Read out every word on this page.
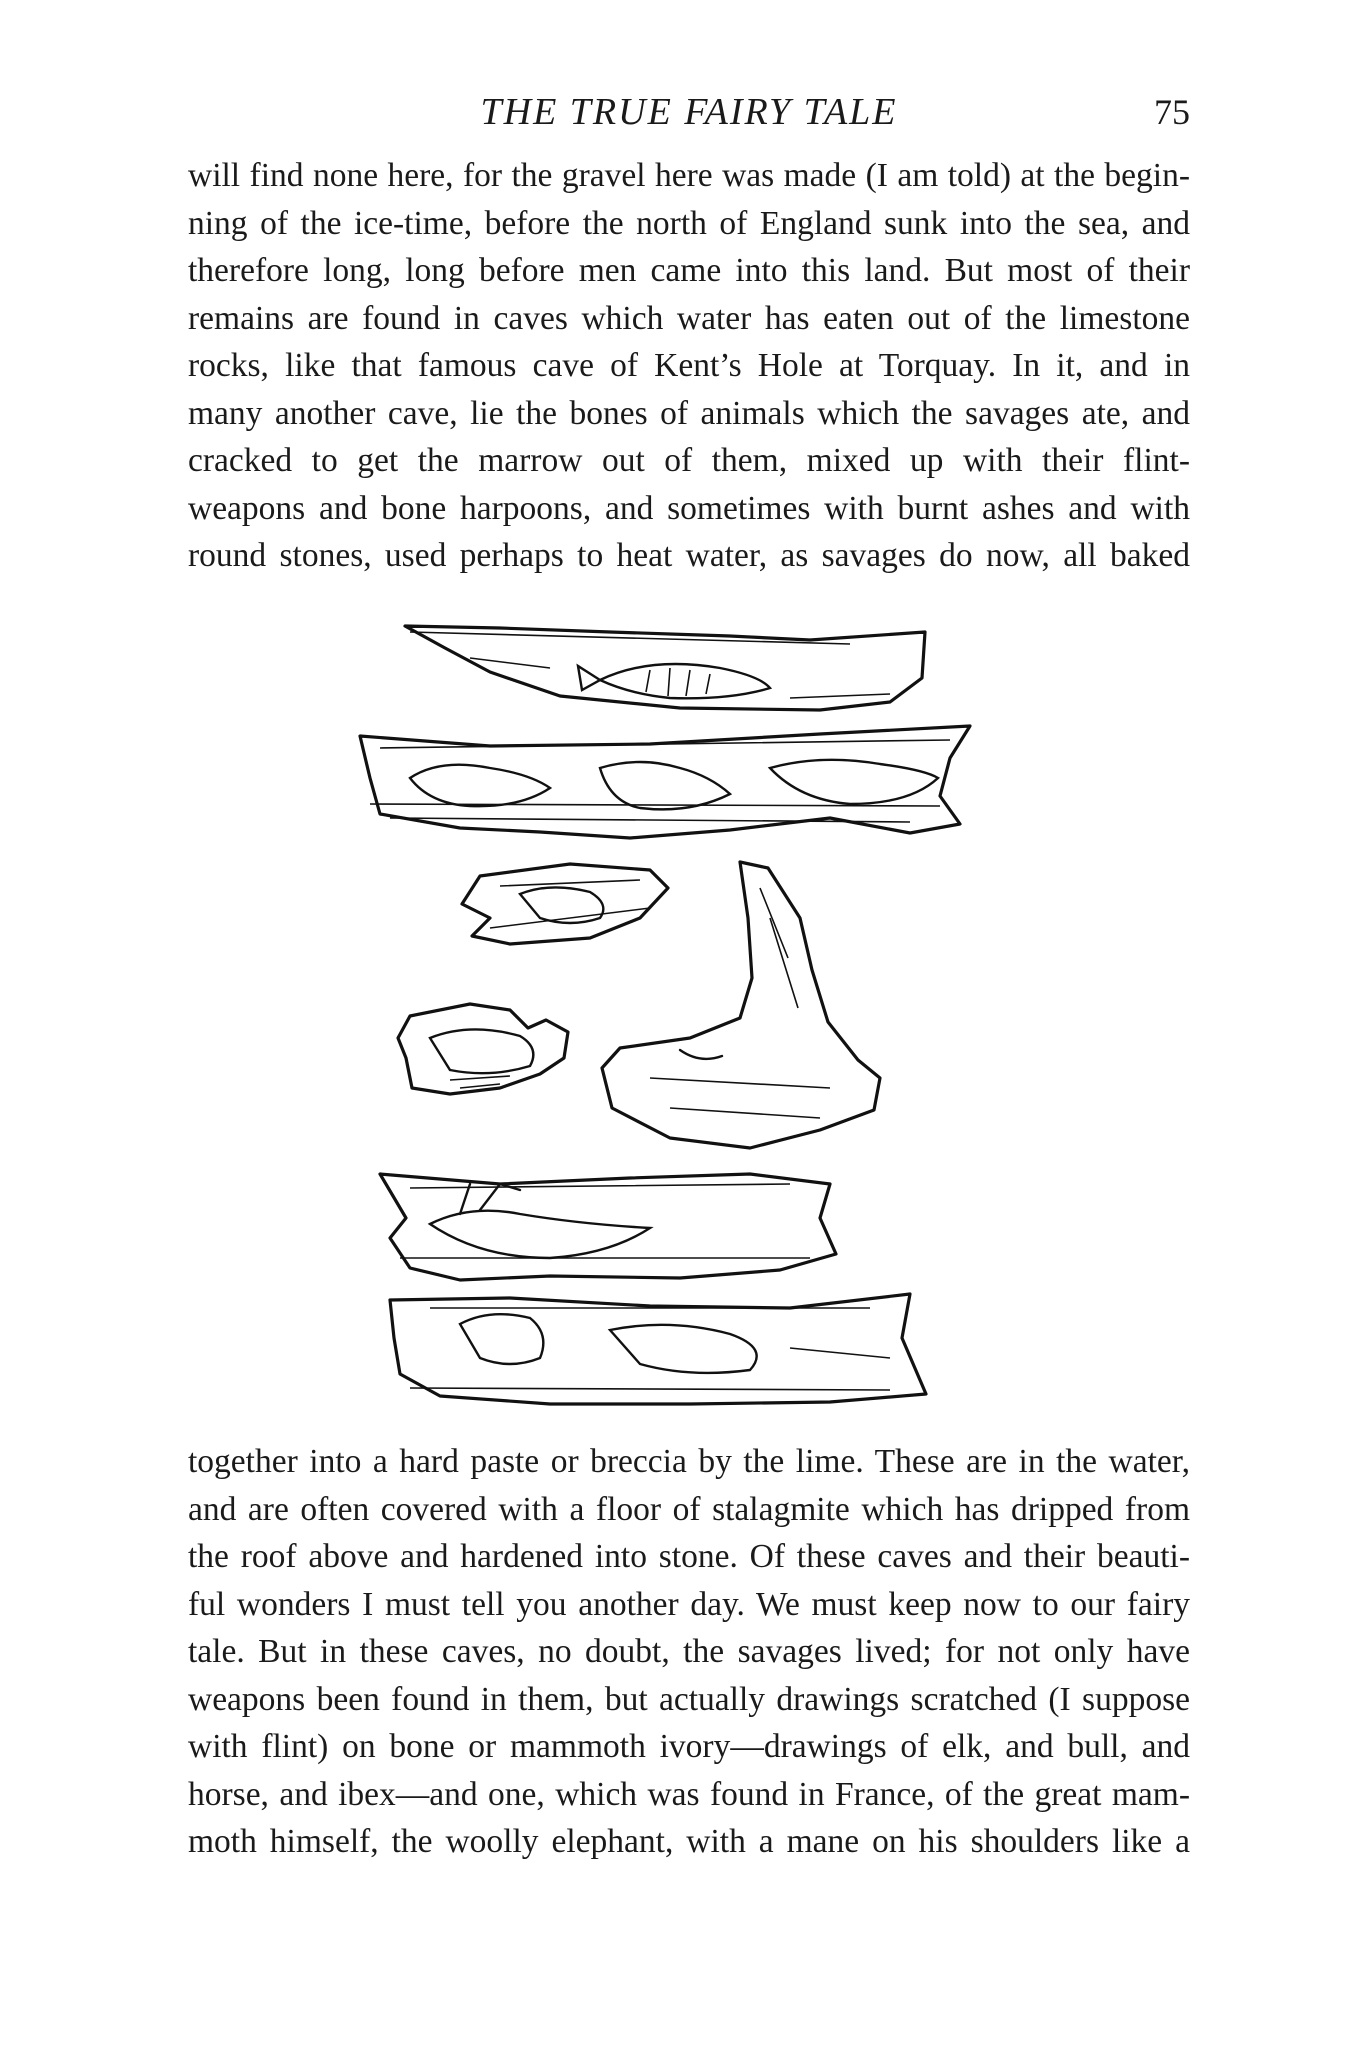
THE TRUE FAIRY TALE	75
will find none here, for the gravel here was made (I am told) at the begin-
ning of the ice-time, before the north of England sunk into the sea, and
therefore long, long before men came into this land. But most of their
remains are found in caves which water has eaten out of the limestone
rocks, like that famous cave of Kent’s Hole at Torquay. In it, and in
many another cave, lie the bones of animals which the savages ate, and
cracked to get the marrow out of them, mixed up with their flint-
weapons and bone harpoons, and sometimes with burnt ashes and with
round stones, used perhaps to heat water, as savages do now, all baked
together into a hard paste or breccia by the lime. These are in the water,
and are often covered with a floor of stalagmite which has dripped from
the roof above and hardened into stone. Of these caves and their beauti-
ful wonders I must tell you another day. We must keep now to our fairy
tale. But in these caves, no doubt, the savages lived; for not only have
weapons been found in them, but actually drawings scratched (I suppose
with flint) on bone or mammoth ivory—drawings of elk, and bull, and
horse, and ibex—and one, which was found in France, of the great mam-
moth himself, the woolly elephant, with a mane on his shoulders like a
